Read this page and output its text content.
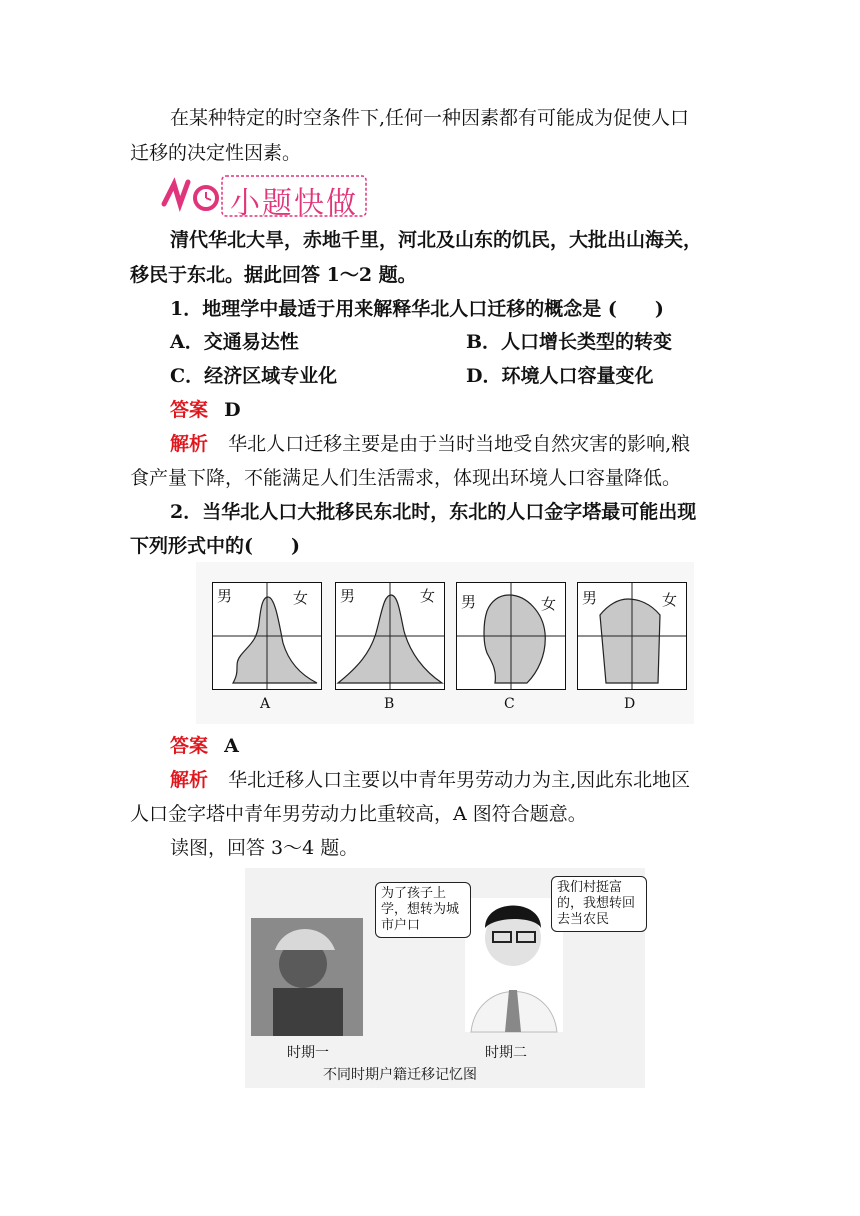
在某种特定的时空条件下,任何一种因素都有可能成为促使人口
迁移的决定性因素。
小题快做
清代华北大旱，赤地千里，河北及山东的饥民，大批出山海关，
移民于东北。据此回答 1～2 题。
1．地理学中最适于用来解释华北人口迁移的概念是 (　　)
A．交通易达性	B．人口增长类型的转变
C．经济区域专业化	D．环境人口容量变化
答案 D
解析 华北人口迁移主要是由于当时当地受自然灾害的影响,粮
食产量下降，不能满足人们生活需求，体现出环境人口容量降低。
2．当华北人口大批移民东北时，东北的人口金字塔最可能出现
下列形式中的(　　)
男	女 男	女 男	女 男	女
A	B	C	D
答案 A
解析 华北迁移人口主要以中青年男劳动力为主,因此东北地区
人口金字塔中青年男劳动力比重较高，A 图符合题意。
读图，回答 3～4 题。
为了孩子上学，想转为城市户口
我们村挺富的，我想转回去当农民
时期一	时期二
不同时期户籍迁移记忆图
